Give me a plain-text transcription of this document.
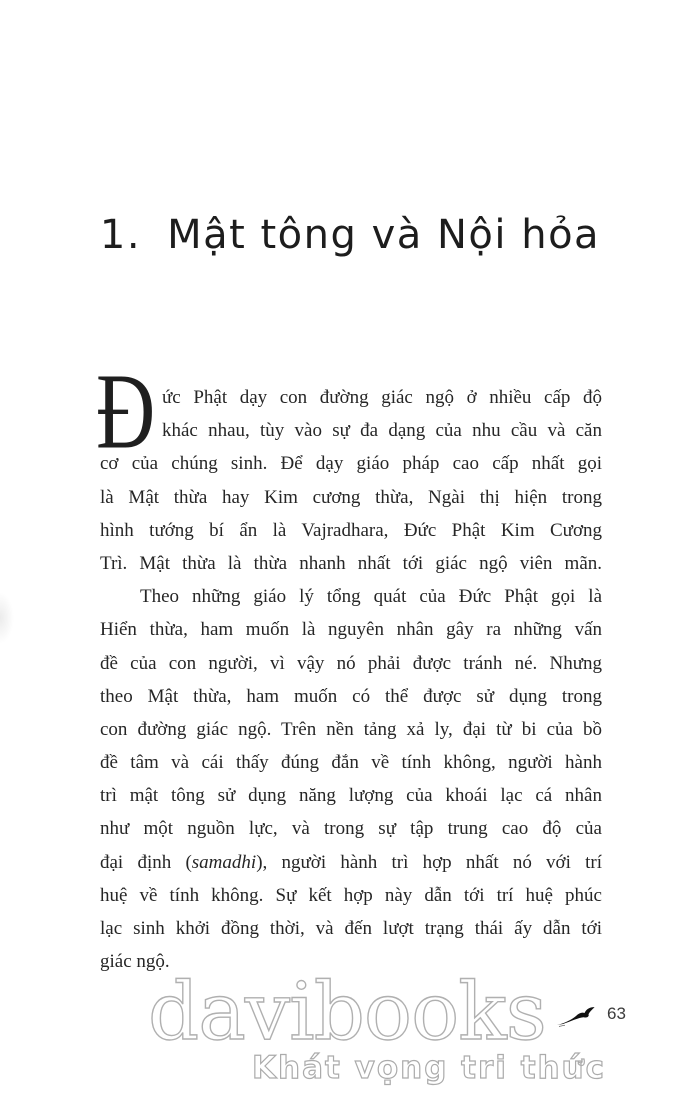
1. Mật tông và Nội hỏa
Đ ức Phật dạy con đường giác ngộ ở nhiều cấp độ
khác nhau, tùy vào sự đa dạng của nhu cầu và căn
cơ của chúng sinh. Để dạy giáo pháp cao cấp nhất gọi
là Mật thừa hay Kim cương thừa, Ngài thị hiện trong
hình tướng bí ẩn là Vajradhara, Đức Phật Kim Cương
Trì. Mật thừa là thừa nhanh nhất tới giác ngộ viên mãn.
Theo những giáo lý tổng quát của Đức Phật gọi là
Hiển thừa, ham muốn là nguyên nhân gây ra những vấn
đề của con người, vì vậy nó phải được tránh né. Nhưng
theo Mật thừa, ham muốn có thể được sử dụng trong
con đường giác ngộ. Trên nền tảng xả ly, đại từ bi của bồ
đề tâm và cái thấy đúng đắn về tính không, người hành
trì mật tông sử dụng năng lượng của khoái lạc cá nhân
như một nguồn lực, và trong sự tập trung cao độ của
đại định (samadhi), người hành trì hợp nhất nó với trí
huệ về tính không. Sự kết hợp này dẫn tới trí huệ phúc
lạc sinh khởi đồng thời, và đến lượt trạng thái ấy dẫn tới
giác ngộ.
davibooks
Khát vọng tri thức
63
